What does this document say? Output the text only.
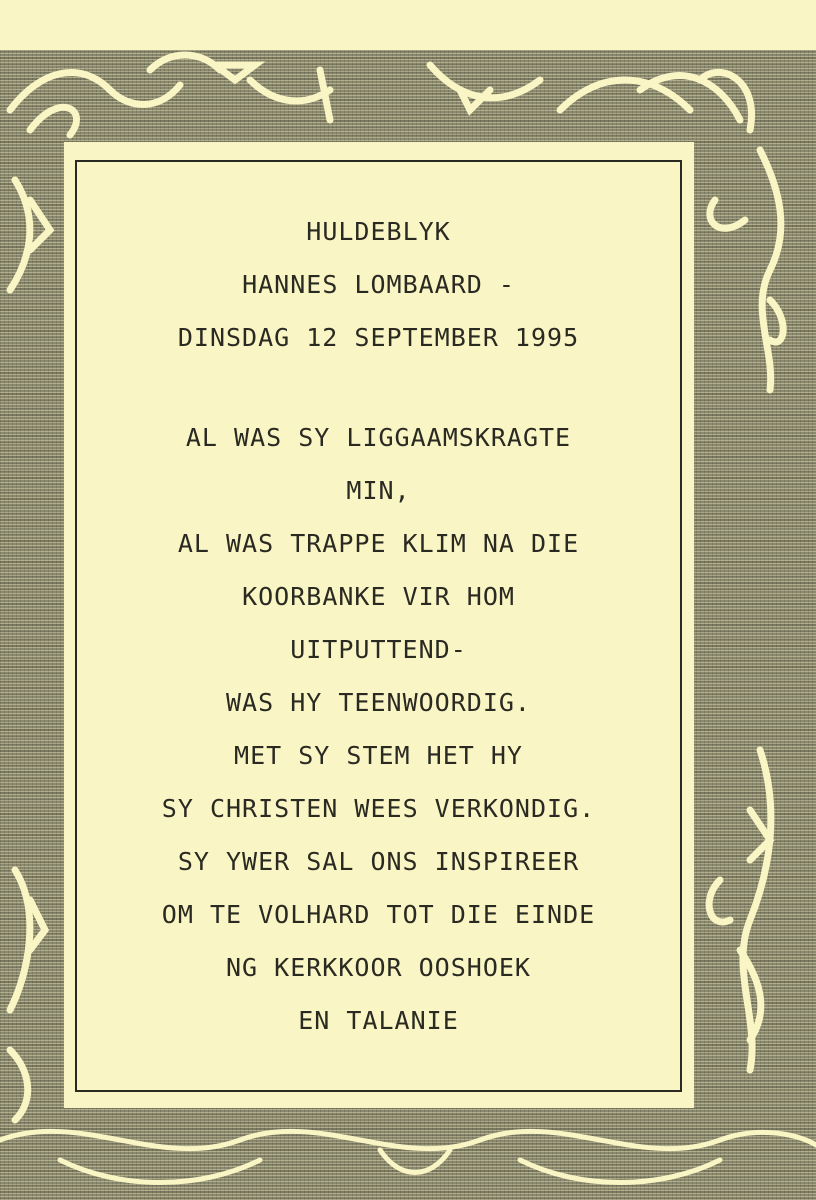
HULDEBLYK
HANNES LOMBAARD -
DINSDAG 12 SEPTEMBER 1995
AL WAS SY LIGGAAMSKRAGTE
MIN,
AL WAS TRAPPE KLIM NA DIE
KOORBANKE VIR HOM
UITPUTTEND-
WAS HY TEENWOORDIG.
MET SY STEM HET HY
SY CHRISTEN WEES VERKONDIG.
SY YWER SAL ONS INSPIREER
OM TE VOLHARD TOT DIE EINDE
NG KERKKOOR OOSHOEK
EN TALANIE
